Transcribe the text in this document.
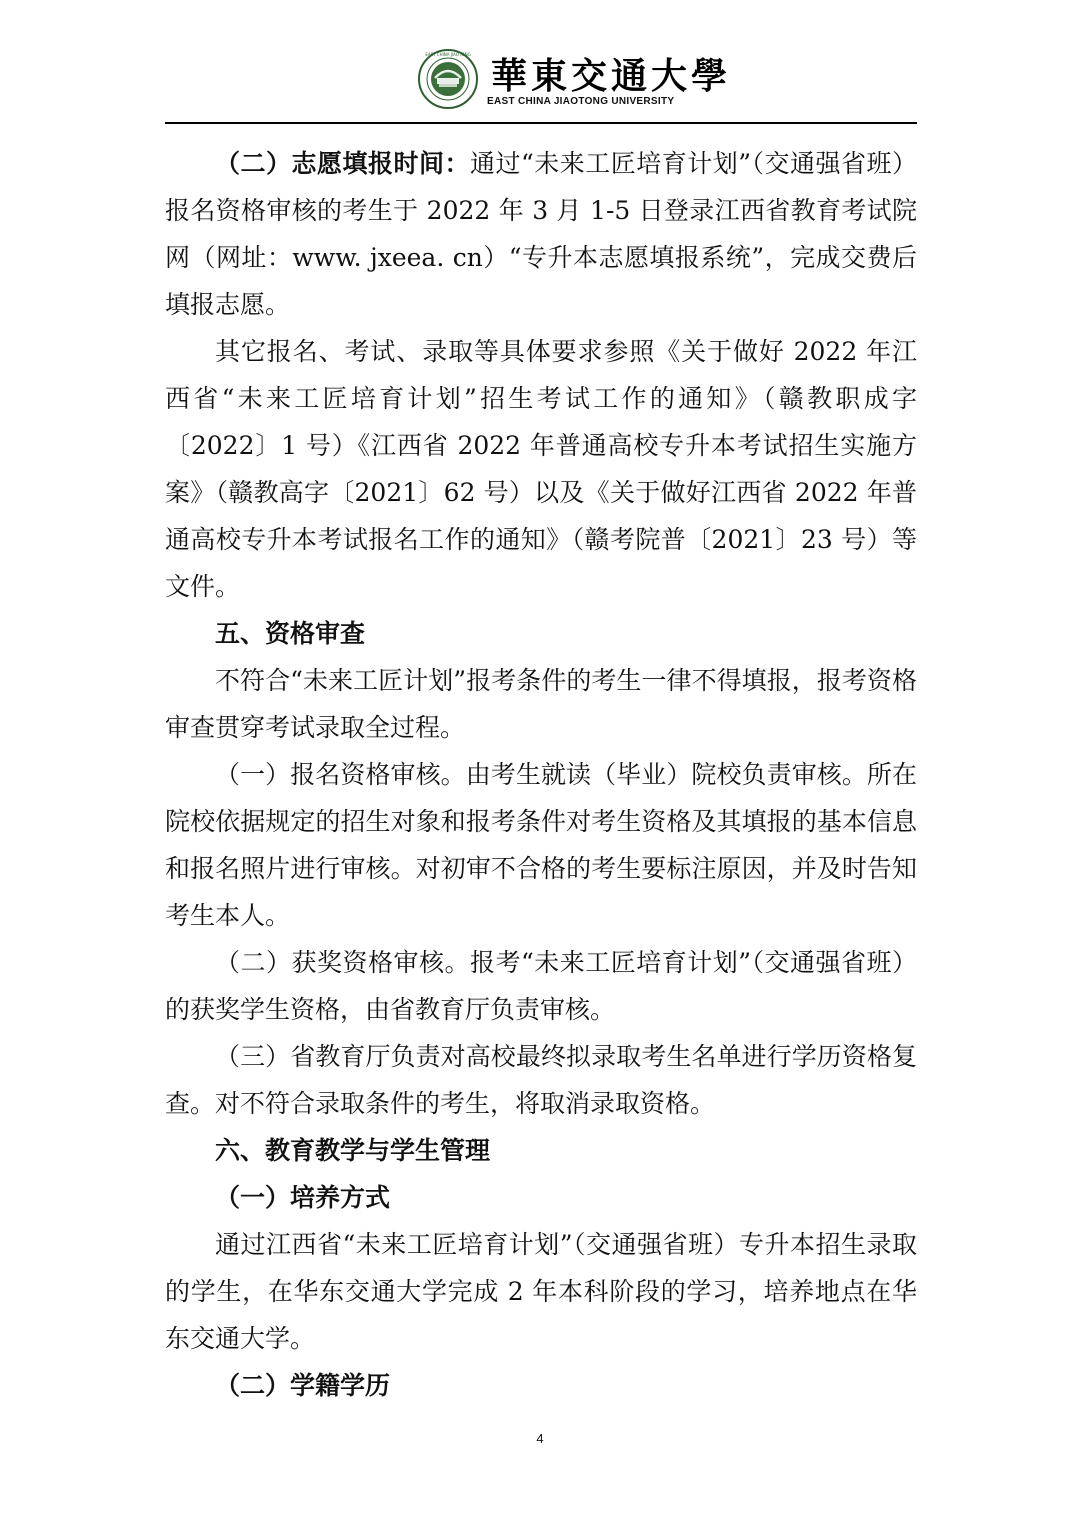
EAST CHINA JIAOTONG
華東交通大學
EAST CHINA JIAOTONG UNIVERSITY

（二）志愿填报时间：通过“未来工匠培育计划”（交通强省班）报名资格审核的考生于 2022 年 3 月 1-5 日登录江西省教育考试院网（网址：www. jxeea. cn）“专升本志愿填报系统”，完成交费后填报志愿。

其它报名、考试、录取等具体要求参照《关于做好 2022 年江西省“未来工匠培育计划”招生考试工作的通知》（赣教职成字〔2022〕1 号）《江西省 2022 年普通高校专升本考试招生实施方案》（赣教高字〔2021〕62 号）以及《关于做好江西省 2022 年普通高校专升本考试报名工作的通知》（赣考院普〔2021〕23 号）等文件。

五、资格审查

不符合“未来工匠计划”报考条件的考生一律不得填报，报考资格审查贯穿考试录取全过程。

（一）报名资格审核。由考生就读（毕业）院校负责审核。所在院校依据规定的招生对象和报考条件对考生资格及其填报的基本信息和报名照片进行审核。对初审不合格的考生要标注原因，并及时告知考生本人。

（二）获奖资格审核。报考“未来工匠培育计划”（交通强省班）的获奖学生资格，由省教育厅负责审核。

（三）省教育厅负责对高校最终拟录取考生名单进行学历资格复查。对不符合录取条件的考生，将取消录取资格。

六、教育教学与学生管理

（一）培养方式

通过江西省“未来工匠培育计划”（交通强省班）专升本招生录取的学生，在华东交通大学完成 2 年本科阶段的学习，培养地点在华东交通大学。

（二）学籍学历

4
